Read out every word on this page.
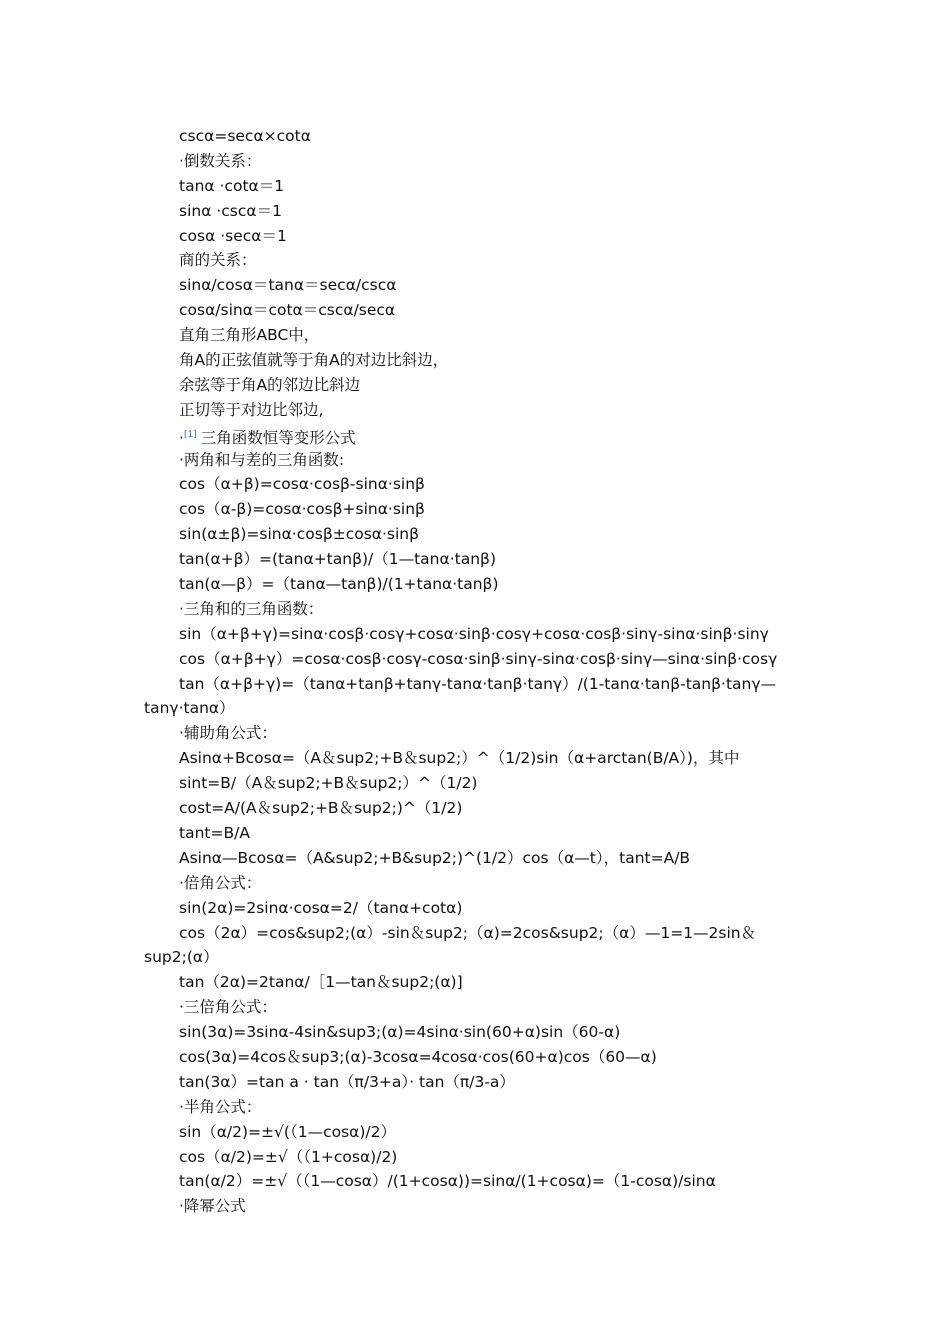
cscα=secα×cotα
·倒数关系：
tanα ·cotα＝1
sinα ·cscα＝1
cosα ·secα＝1
商的关系：
sinα/cosα＝tanα＝secα/cscα
cosα/sinα＝cotα＝cscα/secα
直角三角形ABC中，
角A的正弦值就等于角A的对边比斜边，
余弦等于角A的邻边比斜边
正切等于对边比邻边,
·[1] 三角函数恒等变形公式
·两角和与差的三角函数:
cos（α+β)=cosα·cosβ-sinα·sinβ
cos（α-β)=cosα·cosβ+sinα·sinβ
sin(α±β)=sinα·cosβ±cosα·sinβ
tan(α+β）=(tanα+tanβ)/（1—tanα·tanβ)
tan(α—β）=（tanα—tanβ)/(1+tanα·tanβ)
·三角和的三角函数：
sin（α+β+γ)=sinα·cosβ·cosγ+cosα·sinβ·cosγ+cosα·cosβ·sinγ-sinα·sinβ·sinγ
cos（α+β+γ）=cosα·cosβ·cosγ-cosα·sinβ·sinγ-sinα·cosβ·sinγ—sinα·sinβ·cosγ
tan（α+β+γ)=（tanα+tanβ+tanγ-tanα·tanβ·tanγ）/(1-tanα·tanβ-tanβ·tanγ—
tanγ·tanα）
·辅助角公式：
Asinα+Bcosα=（A＆sup2;+B＆sup2;）^（1/2)sin（α+arctan(B/A）)，其中
sint=B/（A＆sup2;+B＆sup2;）^（1/2)
cost=A/(A＆sup2;+B＆sup2;)^（1/2)
tant=B/A
Asinα—Bcosα=（A&sup2;+B&sup2;)^(1/2）cos（α—t），tant=A/B
·倍角公式：
sin(2α)=2sinα·cosα=2/（tanα+cotα)
cos（2α）=cos&sup2;(α）-sin＆sup2;（α)=2cos&sup2;（α）—1=1—2sin＆
sup2;(α）
tan（2α)=2tanα/［1—tan＆sup2;(α)]
·三倍角公式：
sin(3α)=3sinα-4sin&sup3;(α)=4sinα·sin(60+α)sin（60-α)
cos(3α)=4cos＆sup3;(α)-3cosα=4cosα·cos(60+α)cos（60—α)
tan(3α）=tan a · tan（π/3+a）· tan（π/3-a）
·半角公式：
sin（α/2)=±√(（1—cosα)/2）
cos（α/2)=±√（（1+cosα)/2)
tan(α/2）=±√（（1—cosα）/(1+cosα))=sinα/(1+cosα)=（1-cosα)/sinα
·降幂公式
